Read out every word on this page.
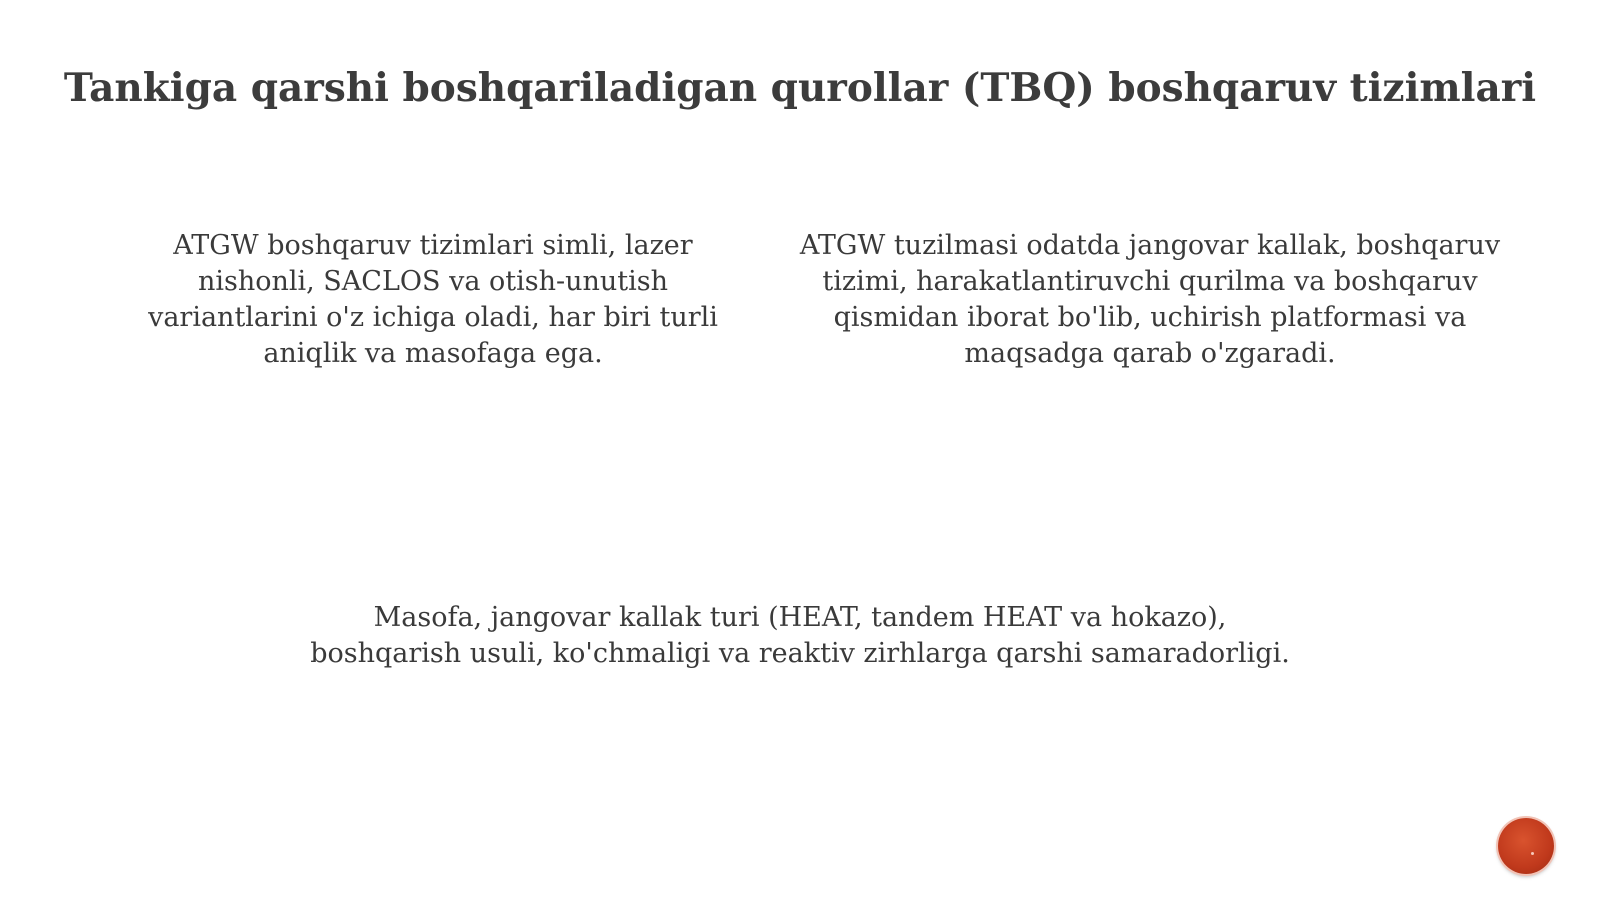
Tankiga qarshi boshqariladigan qurollar (TBQ) boshqaruv tizimlari
ATGW boshqaruv tizimlari simli, lazer nishonli, SACLOS va otish-unutish variantlarini o'z ichiga oladi, har biri turli aniqlik va masofaga ega.
ATGW tuzilmasi odatda jangovar kallak, boshqaruv tizimi, harakatlantiruvchi qurilma va boshqaruv qismidan iborat bo'lib, uchirish platformasi va maqsadga qarab o'zgaradi.
Masofa, jangovar kallak turi (HEAT, tandem HEAT va hokazo),
boshqarish usuli, ko'chmaligi va reaktiv zirhlarga qarshi samaradorligi.
